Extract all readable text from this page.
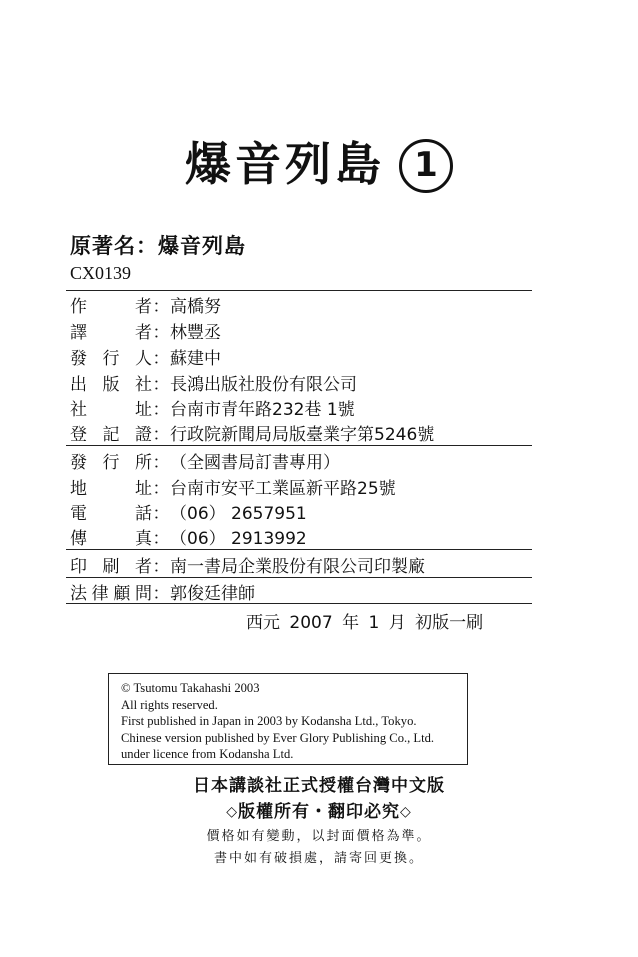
爆音列島 1
原著名：爆音列島
CX0139
作者：高橋努
譯者：林豐丞
發行人：蘇建中
出版社：長鴻出版社股份有限公司
社址：台南市青年路232巷 1號
登記證：行政院新聞局局版臺業字第5246號
發行所：（全國書局訂書專用）
地址：台南市安平工業區新平路25號
電話：（06） 2657951
傳真：（06） 2913992
印刷者：南一書局企業股份有限公司印製廠
法律顧問：郭俊廷律師
西元 2007 年 1 月 初版一刷
© Tsutomu Takahashi 2003
All rights reserved.
First published in Japan in 2003 by Kodansha Ltd., Tokyo.
Chinese version published by Ever Glory Publishing Co., Ltd.
under licence from Kodansha Ltd.
日本講談社正式授權台灣中文版
◇版權所有・翻印必究◇
價格如有變動，以封面價格為準。
書中如有破損處，請寄回更換。
